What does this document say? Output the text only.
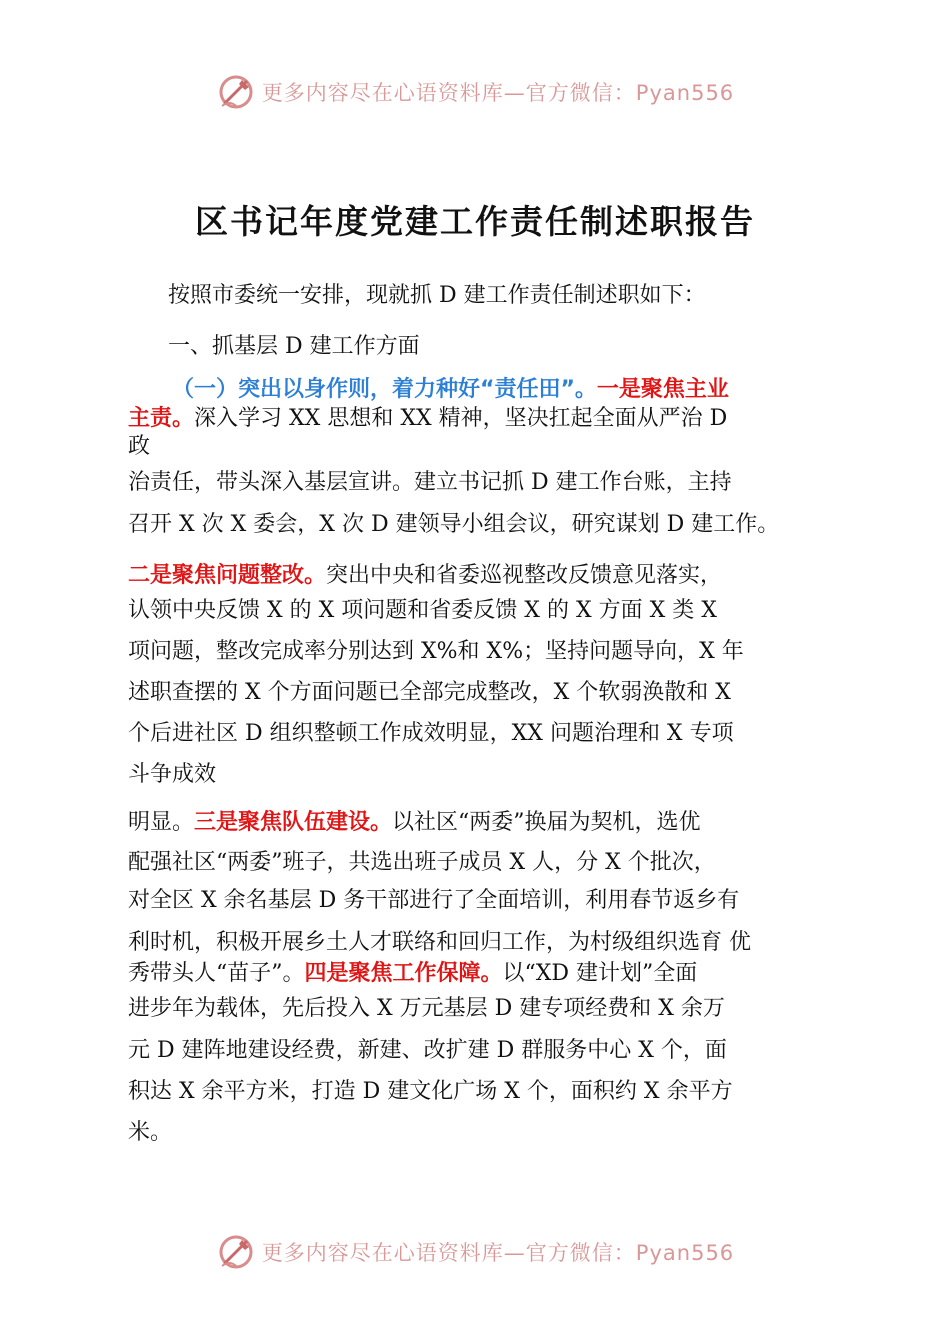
更多内容尽在心语资料库—官方微信：Pyan556
区书记年度党建工作责任制述职报告
按照市委统一安排，现就抓 D 建工作责任制述职如下：
一、抓基层 D 建工作方面
（一）突出以身作则，着力种好“责任田”。一是聚焦主业
主责。深入学习 XX 思想和 XX 精神，坚决扛起全面从严治 D
政
治责任，带头深入基层宣讲。建立书记抓 D 建工作台账，主持
召开 X 次 X 委会，X 次 D 建领导小组会议，研究谋划 D 建工作。
二是聚焦问题整改。突出中央和省委巡视整改反馈意见落实，
认领中央反馈 X 的 X 项问题和省委反馈 X 的 X 方面 X 类 X
项问题，整改完成率分别达到 X%和 X%；坚持问题导向，X 年
述职查摆的 X 个方面问题已全部完成整改，X 个软弱涣散和 X
个后进社区 D 组织整顿工作成效明显，XX 问题治理和 X 专项
斗争成效
明显。三是聚焦队伍建设。以社区“两委”换届为契机，选优
配强社区“两委”班子，共选出班子成员 X 人，分 X 个批次，
对全区 X 余名基层 D 务干部进行了全面培训，利用春节返乡有
利时机，积极开展乡土人才联络和回归工作，为村级组织选育 优
秀带头人“苗子”。四是聚焦工作保障。以“XD 建计划”全面
进步年为载体，先后投入 X 万元基层 D 建专项经费和 X 余万
元 D 建阵地建设经费，新建、改扩建 D 群服务中心 X 个，面
积达 X 余平方米，打造 D 建文化广场 X 个，面积约 X 余平方
米。
更多内容尽在心语资料库—官方微信：Pyan556
